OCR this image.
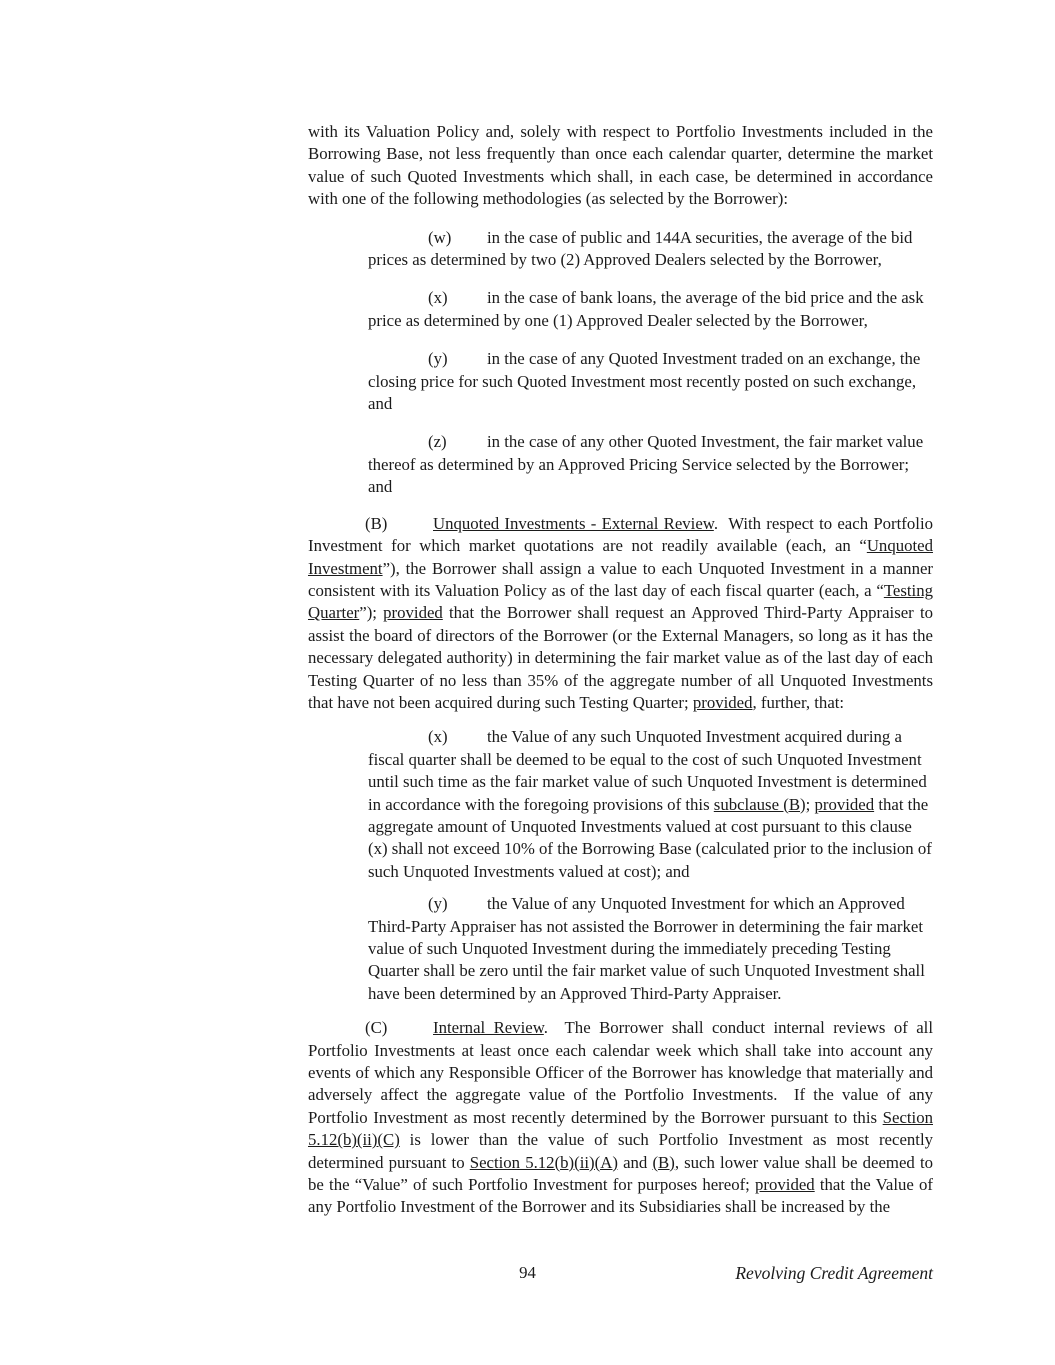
with its Valuation Policy and, solely with respect to Portfolio Investments included in the Borrowing Base, not less frequently than once each calendar quarter, determine the market value of such Quoted Investments which shall, in each case, be determined in accordance with one of the following methodologies (as selected by the Borrower):

(w) in the case of public and 144A securities, the average of the bid prices as determined by two (2) Approved Dealers selected by the Borrower,

(x) in the case of bank loans, the average of the bid price and the ask price as determined by one (1) Approved Dealer selected by the Borrower,

(y) in the case of any Quoted Investment traded on an exchange, the closing price for such Quoted Investment most recently posted on such exchange, and

(z) in the case of any other Quoted Investment, the fair market value thereof as determined by an Approved Pricing Service selected by the Borrower; and

(B)	Unquoted Investments - External Review.  With respect to each Portfolio Investment for which market quotations are not readily available (each, an “Unquoted Investment”), the Borrower shall assign a value to each Unquoted Investment in a manner consistent with its Valuation Policy as of the last day of each fiscal quarter (each, a “Testing Quarter”); provided that the Borrower shall request an Approved Third-Party Appraiser to assist the board of directors of the Borrower (or the External Managers, so long as it has the necessary delegated authority) in determining the fair market value as of the last day of each Testing Quarter of no less than 35% of the aggregate number of all Unquoted Investments that have not been acquired during such Testing Quarter; provided, further, that:

(x) the Value of any such Unquoted Investment acquired during a fiscal quarter shall be deemed to be equal to the cost of such Unquoted Investment until such time as the fair market value of such Unquoted Investment is determined in accordance with the foregoing provisions of this subclause (B); provided that the aggregate amount of Unquoted Investments valued at cost pursuant to this clause (x) shall not exceed 10% of the Borrowing Base (calculated prior to the inclusion of such Unquoted Investments valued at cost); and

(y) the Value of any Unquoted Investment for which an Approved Third-Party Appraiser has not assisted the Borrower in determining the fair market value of such Unquoted Investment during the immediately preceding Testing Quarter shall be zero until the fair market value of such Unquoted Investment shall have been determined by an Approved Third-Party Appraiser.

(C)	Internal Review.  The Borrower shall conduct internal reviews of all Portfolio Investments at least once each calendar week which shall take into account any events of which any Responsible Officer of the Borrower has knowledge that materially and adversely affect the aggregate value of the Portfolio Investments.  If the value of any Portfolio Investment as most recently determined by the Borrower pursuant to this Section 5.12(b)(ii)(C) is lower than the value of such Portfolio Investment as most recently determined pursuant to Section 5.12(b)(ii)(A) and (B), such lower value shall be deemed to be the “Value” of such Portfolio Investment for purposes hereof; provided that the Value of any Portfolio Investment of the Borrower and its Subsidiaries shall be increased by the

94	Revolving Credit Agreement
